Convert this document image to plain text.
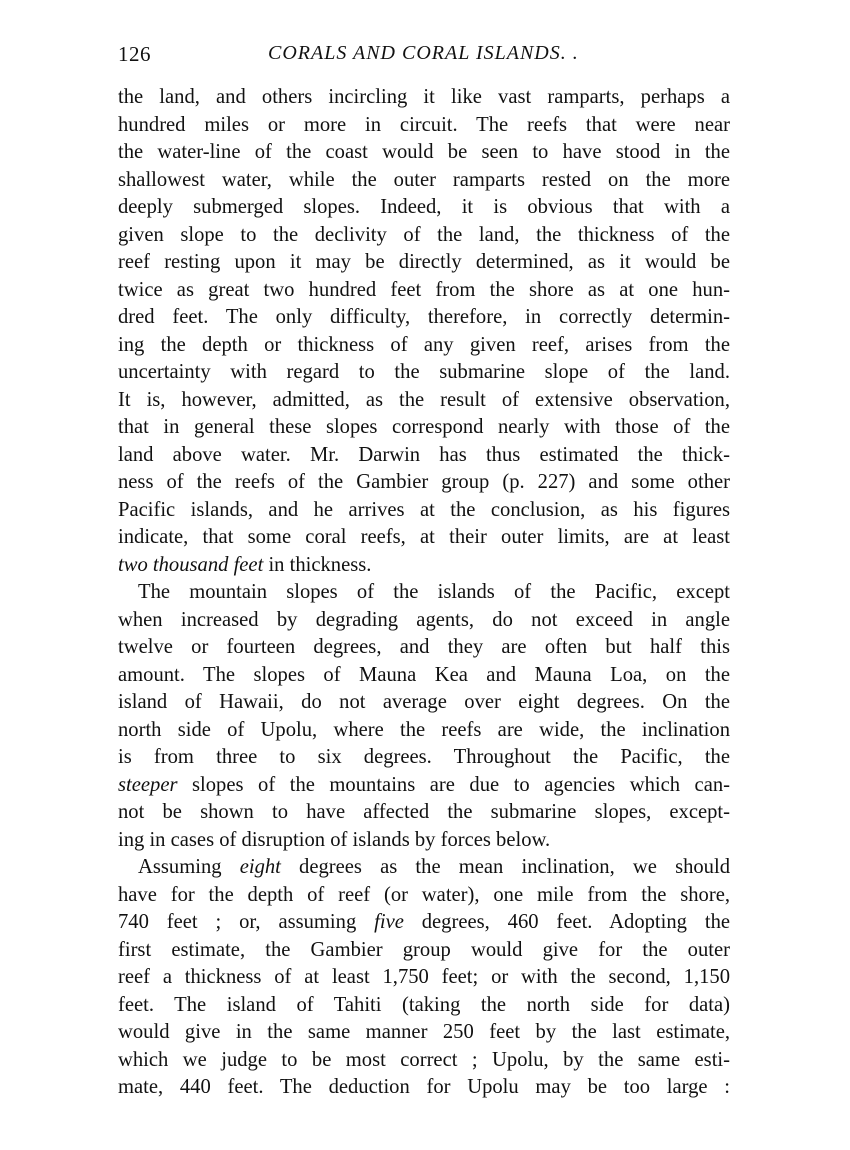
126	CORALS AND CORAL ISLANDS. .
the land, and others incircling it like vast ramparts, perhaps a
hundred miles or more in circuit. The reefs that were near
the water-line of the coast would be seen to have stood in the
shallowest water, while the outer ramparts rested on the more
deeply submerged slopes. Indeed, it is obvious that with a
given slope to the declivity of the land, the thickness of the
reef resting upon it may be directly determined, as it would be
twice as great two hundred feet from the shore as at one hun-
dred feet. The only difficulty, therefore, in correctly determin-
ing the depth or thickness of any given reef, arises from the
uncertainty with regard to the submarine slope of the land.
It is, however, admitted, as the result of extensive observation,
that in general these slopes correspond nearly with those of the
land above water. Mr. Darwin has thus estimated the thick-
ness of the reefs of the Gambier group (p. 227) and some other
Pacific islands, and he arrives at the conclusion, as his figures
indicate, that some coral reefs, at their outer limits, are at least
two thousand feet in thickness.
The mountain slopes of the islands of the Pacific, except
when increased by degrading agents, do not exceed in angle
twelve or fourteen degrees, and they are often but half this
amount. The slopes of Mauna Kea and Mauna Loa, on the
island of Hawaii, do not average over eight degrees. On the
north side of Upolu, where the reefs are wide, the inclination
is from three to six degrees. Throughout the Pacific, the
steeper slopes of the mountains are due to agencies which can-
not be shown to have affected the submarine slopes, except-
ing in cases of disruption of islands by forces below.
Assuming eight degrees as the mean inclination, we should
have for the depth of reef (or water), one mile from the shore,
740 feet ; or, assuming five degrees, 460 feet. Adopting the
first estimate, the Gambier group would give for the outer
reef a thickness of at least 1,750 feet; or with the second, 1,150
feet. The island of Tahiti (taking the north side for data)
would give in the same manner 250 feet by the last estimate,
which we judge to be most correct ; Upolu, by the same esti-
mate, 440 feet. The deduction for Upolu may be too large :
